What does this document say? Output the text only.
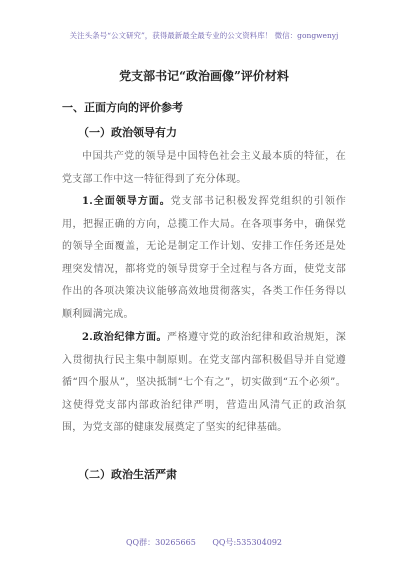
关注头条号“公文研究”，获得最新最全最专业的公文资料库！ 微信：gongwenyj
党支部书记“政治画像”评价材料
一、正面方向的评价参考
（一）政治领导有力
中国共产党的领导是中国特色社会主义最本质的特征，在党支部工作中这一特征得到了充分体现。
1.全面领导方面。党支部书记积极发挥党组织的引领作用，把握正确的方向，总揽工作大局。在各项事务中，确保党的领导全面覆盖，无论是制定工作计划、安排工作任务还是处理突发情况，都将党的领导贯穿于全过程与各方面，使党支部作出的各项决策决议能够高效地贯彻落实，各类工作任务得以顺利圆满完成。
2.政治纪律方面。严格遵守党的政治纪律和政治规矩，深入贯彻执行民主集中制原则。在党支部内部积极倡导并自觉遵循“四个服从”，坚决抵制“七个有之”，切实做到“五个必须”。这使得党支部内部政治纪律严明，营造出风清气正的政治氛围，为党支部的健康发展奠定了坚实的纪律基础。
（二）政治生活严肃
QQ群：30265665 QQ号:535304092
